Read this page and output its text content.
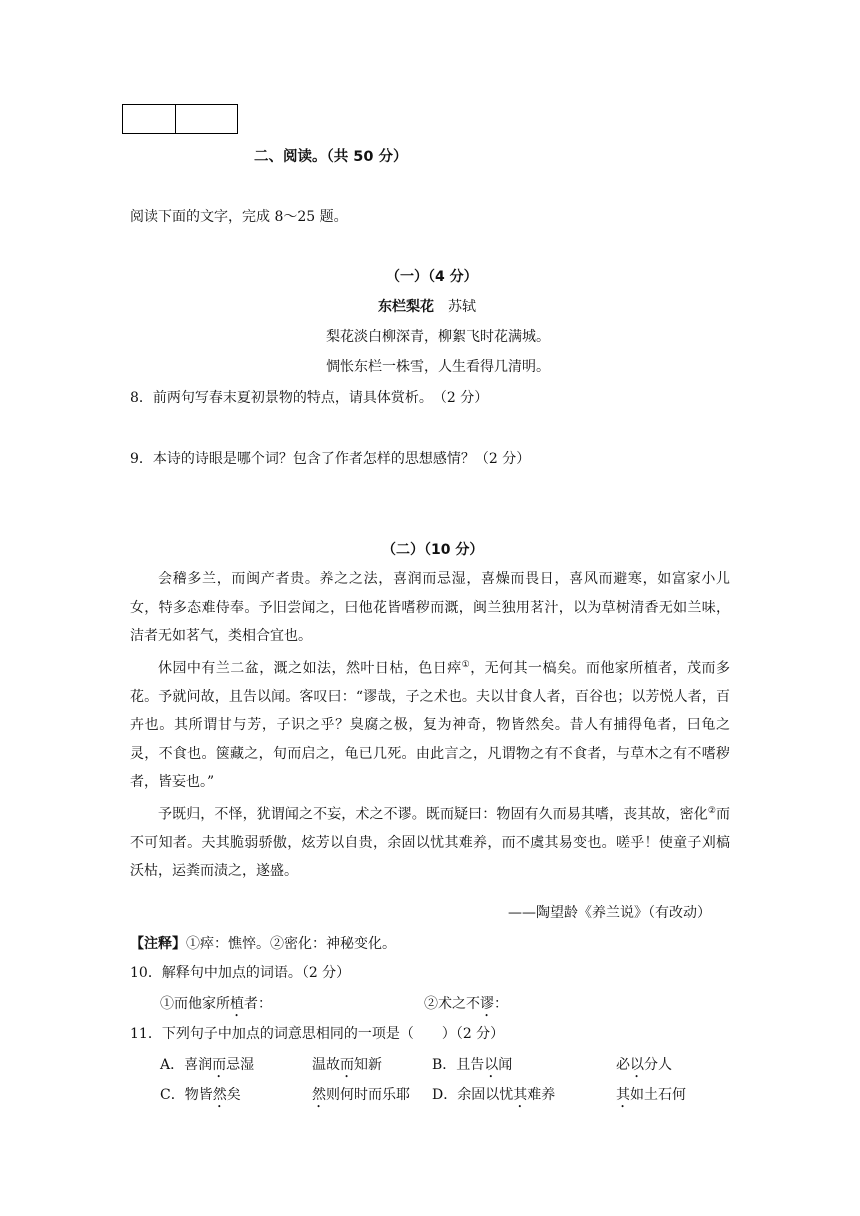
二、阅读。（共 50 分）
阅读下面的文字，完成 8～25 题。
（一）（4 分）
东栏梨花　 苏轼
梨花淡白柳深青，柳絮飞时花满城。
惆怅东栏一株雪，人生看得几清明。
8．前两句写春末夏初景物的特点，请具体赏析。　（2 分）
9．本诗的诗眼是哪个词？包含了作者怎样的思想感情？（2 分）
（二）（10 分）

会稽多兰，而闽产者贵。养之之法，喜润而忌湿，喜燥而畏日，喜风而避寒，如富家小儿女，特多态难侍奉。予旧尝闻之，曰他花皆嗜秽而溉，闽兰独用茗汁，以为草树清香无如兰味，洁者无如茗气，类相合宜也。

休园中有兰二盆，溉之如法，然叶日枯，色日瘁①，无何其一槁矣。而他家所植者，茂而多花。予就问故，且告以闻。客叹曰：“谬哉，子之术也。夫以甘食人者，百谷也；以芳悦人者，百卉也。其所谓甘与芳，子识之乎？臭腐之极，复为神奇，物皆然矣。昔人有捕得龟者，曰龟之灵，不食也。箧藏之，旬而启之，龟已几死。由此言之，凡谓物之有不食者，与草木之有不嗜秽者，皆妄也。”

予既归，不怿，犹谓闻之不妄，术之不谬。既而疑曰：物固有久而易其嗜，丧其故，密化②而不可知者。夫其脆弱骄傲，炫芳以自贵，余固以忧其难养，而不虞其易变也。嗟乎！使童子刈槁沃枯，运粪而渍之，遂盛。

——陶望龄《养兰说》（有改动）
【注释】①瘁：憔悴。②密化：神秘变化。
10．解释句中加点的词语。（2 分）
①而他家所植者：	②术之不谬：
11．下列句子中加点的词意思相同的一项是（　　）（2 分）
A．喜润而忌湿	温故而知新	B．且告以闻	必以分人
C．物皆然矣	然则何时而乐耶 D．余固以忧其难养	其如土石何
